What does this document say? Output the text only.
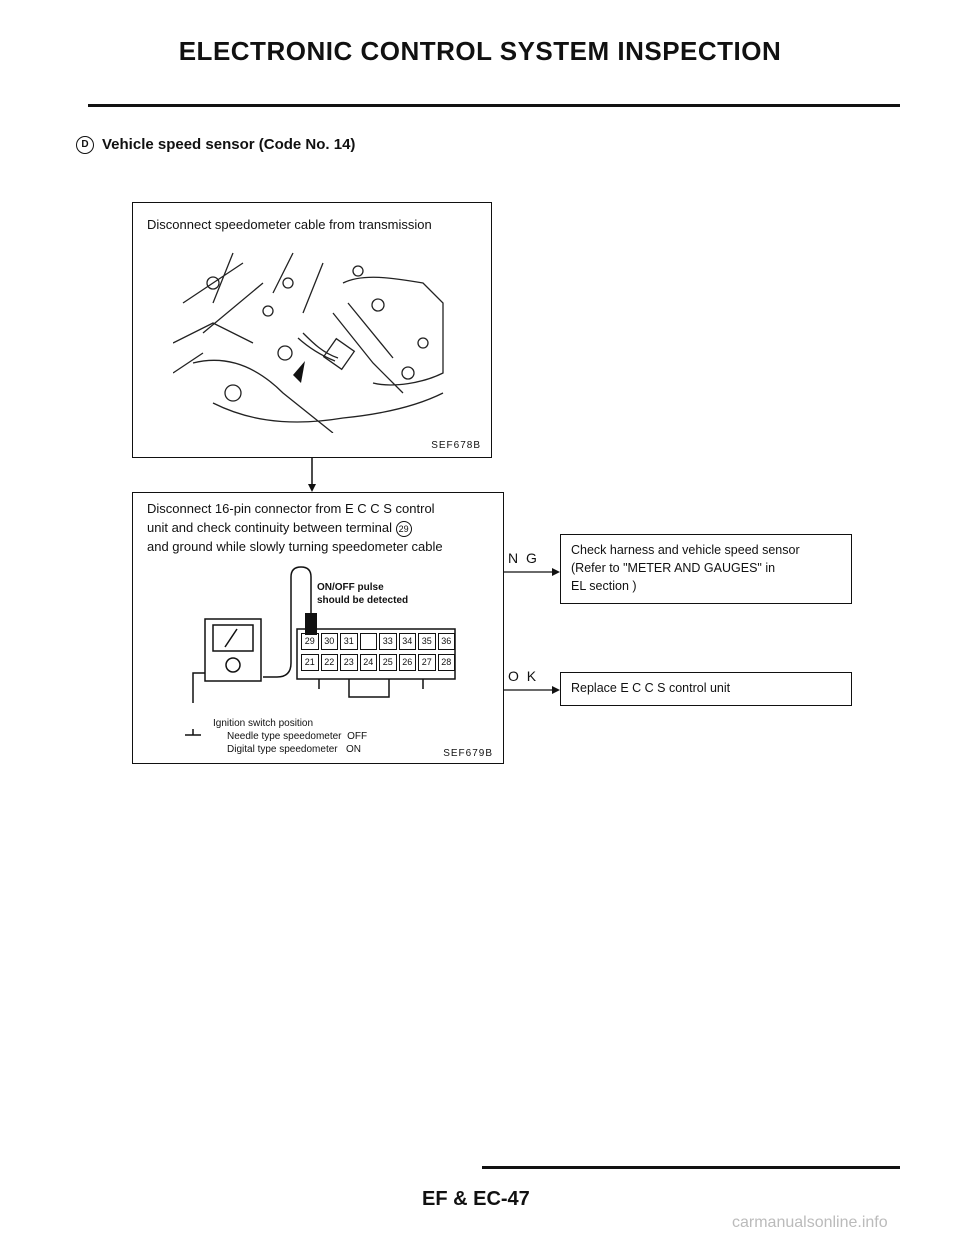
ELECTRONIC CONTROL SYSTEM INSPECTION
D Vehicle speed sensor (Code No. 14)
Disconnect speedometer cable from transmission
SEF678B
Disconnect 16-pin connector from E C C S control
unit and check continuity between terminal 29
and ground while slowly turning speedometer cable
ON/OFF pulse
should be detected
29	30	31	33	34	35	36
21	22	23	24	25	26	27	28
Ignition switch position
Needle type speedometer OFF
Digital type speedometer ON	SEF679B
N G	Check harness and vehicle speed sensor
(Refer to "METER AND GAUGES" in
EL section )
O K
Replace E C C S control unit
EF & EC-47
carmanualsonline.info
